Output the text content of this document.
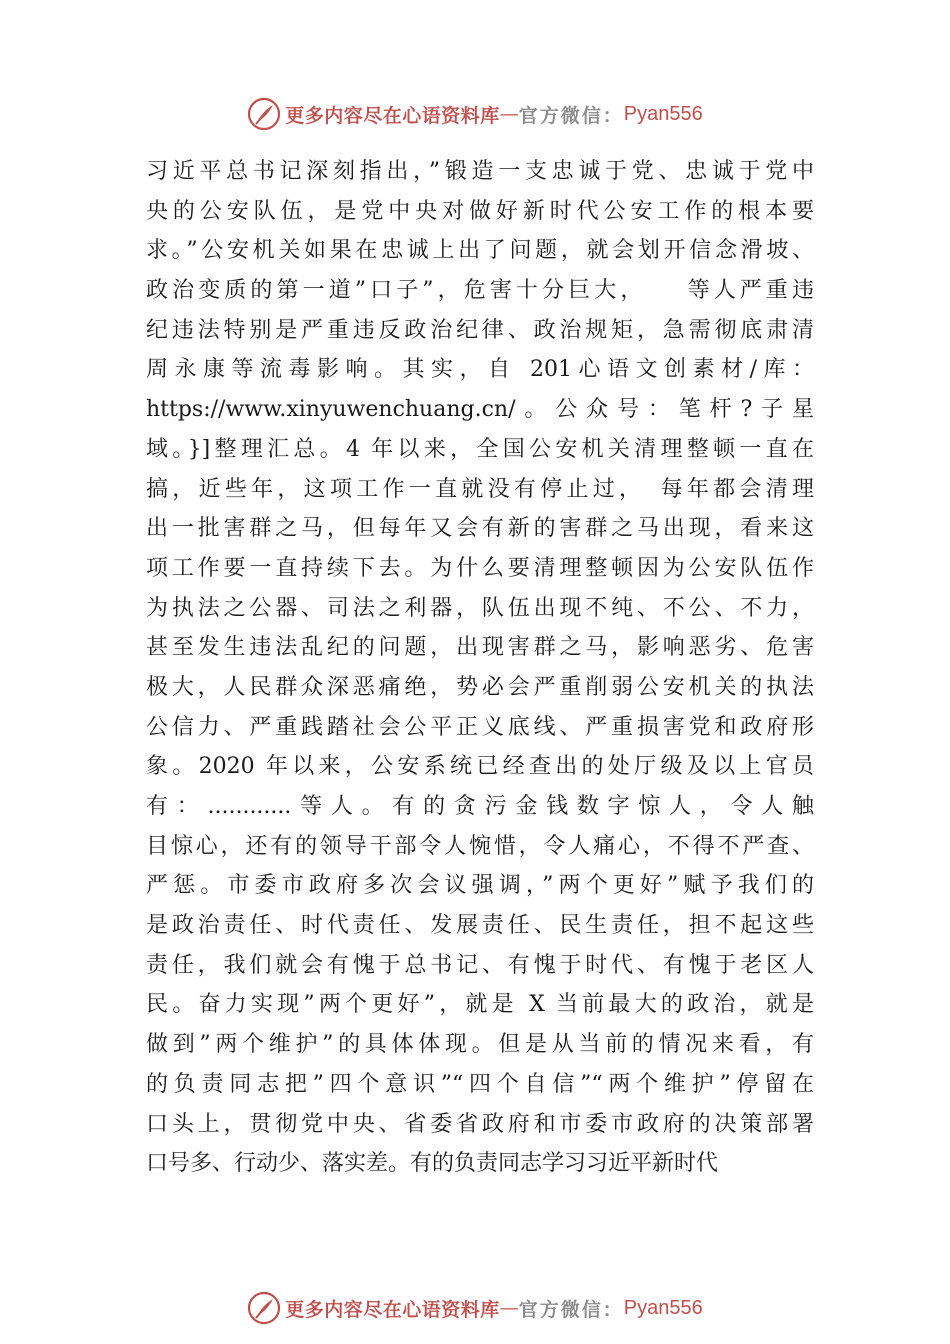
更多内容尽在心语资料库 — 官方微信： Pyan556
习近平总书记深刻指出，”锻造一支忠诚于党、忠诚于党中
央的公安队伍，是党中央对做好新时代公安工作的根本要
求。”公安机关如果在忠诚上出了问题，就会划开信念滑坡、
政治变质的第一道”口子”，危害十分巨大，　　等人严重违
纪违法特别是严重违反政治纪律、政治规矩，急需彻底肃清
周永康等流毒影响。其实，自 201心语文创素材/库：
https://www.xinyuwenchuang.cn/。公众号：笔杆?子星
域。}]整理汇总。4 年以来，全国公安机关清理整顿一直在
搞，近些年，这项工作一直就没有停止过，　每年都会清理
出一批害群之马，但每年又会有新的害群之马出现，看来这
项工作要一直持续下去。为什么要清理整顿因为公安队伍作
为执法之公器、司法之利器，队伍出现不纯、不公、不力，
甚至发生违法乱纪的问题，出现害群之马，影响恶劣、危害
极大，人民群众深恶痛绝，势必会严重削弱公安机关的执法
公信力、严重践踏社会公平正义底线、严重损害党和政府形
象。2020 年以来，公安系统已经查出的处厅级及以上官员
有：............等人。有的贪污金钱数字惊人，令人触
目惊心，还有的领导干部令人惋惜，令人痛心，不得不严查、
严惩。市委市政府多次会议强调，”两个更好”赋予我们的
是政治责任、时代责任、发展责任、民生责任，担不起这些
责任，我们就会有愧于总书记、有愧于时代、有愧于老区人
民。奋力实现”两个更好”，就是 X 当前最大的政治，就是
做到”两个维护”的具体体现。但是从当前的情况来看，有
的负责同志把”四个意识”“四个自信”“两个维护”停留在
口头上，贯彻党中央、省委省政府和市委市政府的决策部署
口号多、行动少、落实差。有的负责同志学习习近平新时代
更多内容尽在心语资料库 — 官方微信： Pyan556
